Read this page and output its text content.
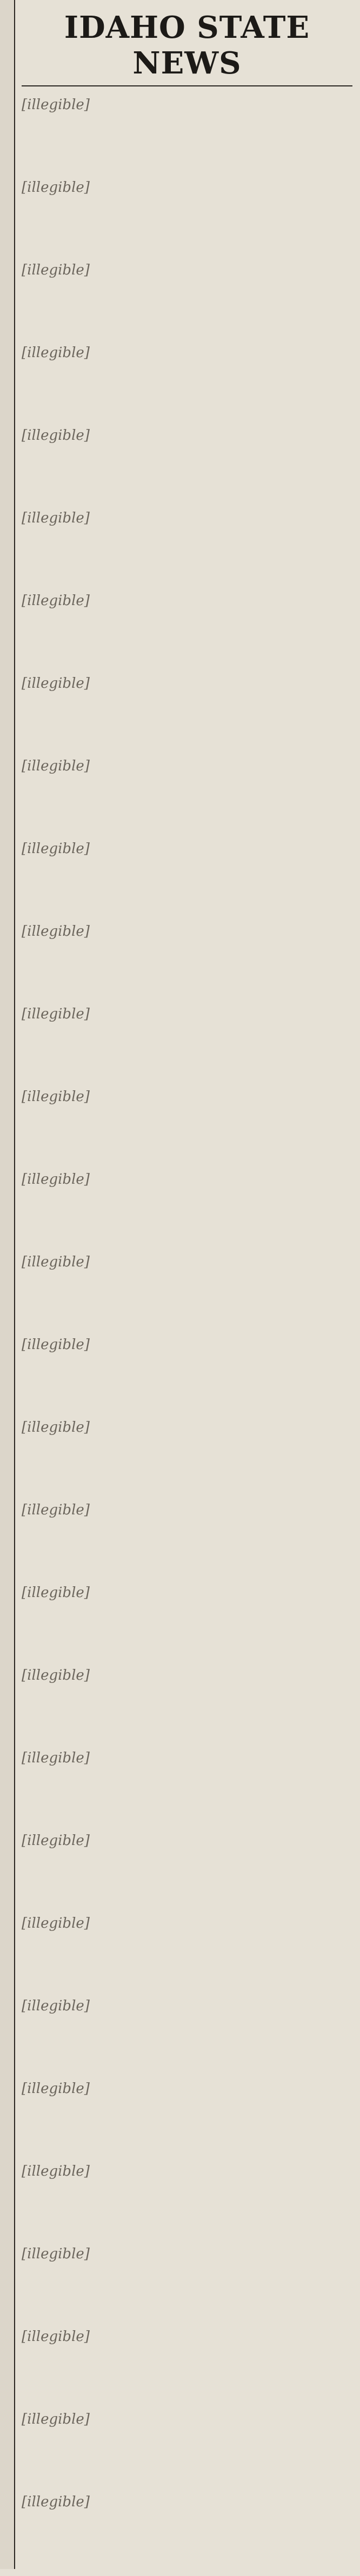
IDAHO STATE NEWS

[illegible]

[illegible]

[illegible]

[illegible]

[illegible]

[illegible]

[illegible]

[illegible]

[illegible]

[illegible]

[illegible]

[illegible]

[illegible]

[illegible]

[illegible]

[illegible]

[illegible]

[illegible]

[illegible]

[illegible]

[illegible]

[illegible]

[illegible]

[illegible]

[illegible]

[illegible]

[illegible]

[illegible]

[illegible]

[illegible]
